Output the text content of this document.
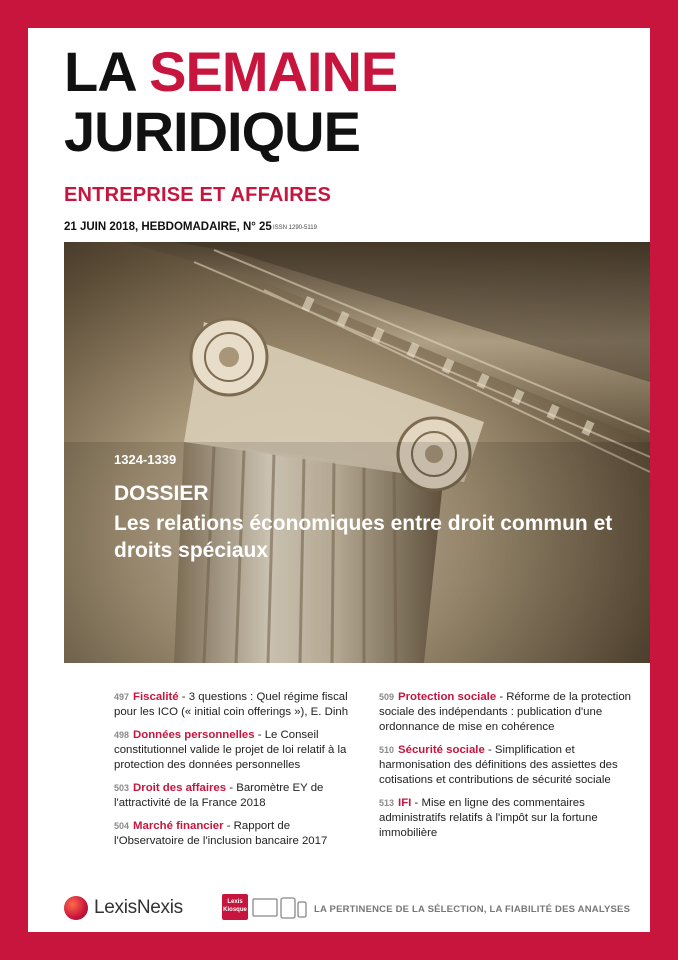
LA SEMAINE
JURIDIQUE
ENTREPRISE ET AFFAIRES
21 JUIN 2018, HEBDOMADAIRE, N° 25 ISSN 1290-5119
1324-1339
DOSSIER
Les relations économiques entre droit commun et droits spéciaux
497 Fiscalité - 3 questions : Quel régime fiscal pour les ICO (« initial coin offerings »), E. Dinh
498 Données personnelles - Le Conseil constitutionnel valide le projet de loi relatif à la protection des données personnelles
503 Droit des affaires - Baromètre EY de l'attractivité de la France 2018
504 Marché financier - Rapport de l'Observatoire de l'inclusion bancaire 2017
509 Protection sociale - Réforme de la protection sociale des indépendants : publication d'une ordonnance de mise en cohérence
510 Sécurité sociale - Simplification et harmonisation des définitions des assiettes des cotisations et contributions de sécurité sociale
513 IFI - Mise en ligne des commentaires administratifs relatifs à l'impôt sur la fortune immobilière
LexisNexis	Lexis
Kiosque	LA PERTINENCE DE LA SÉLECTION, LA FIABILITÉ DES ANALYSES
